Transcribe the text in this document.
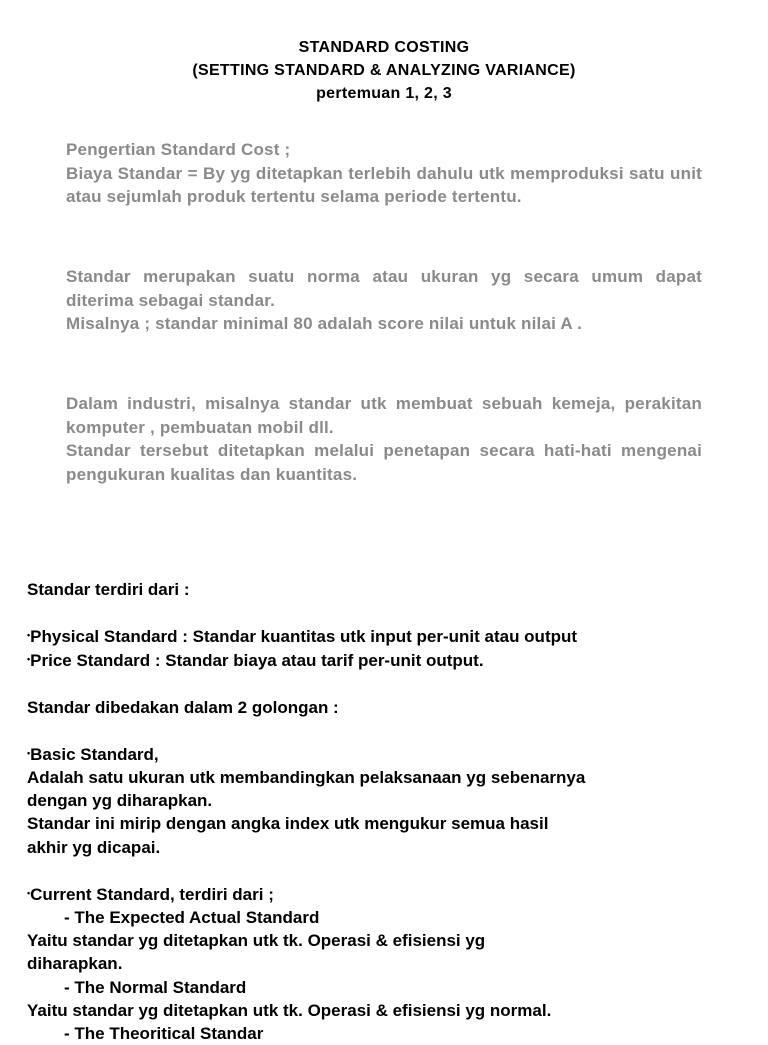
STANDARD COSTING
(SETTING STANDARD & ANALYZING VARIANCE)
pertemuan 1, 2, 3

Pengertian Standard Cost ;

Biaya Standar = By yg ditetapkan terlebih dahulu utk memproduksi satu unit atau sejumlah produk tertentu selama periode tertentu.

Standar merupakan suatu norma atau ukuran yg secara umum dapat diterima sebagai standar.

Misalnya ; standar minimal 80 adalah score nilai untuk nilai A .

Dalam industri, misalnya standar utk membuat sebuah kemeja, perakitan komputer , pembuatan mobil dll.

Standar tersebut ditetapkan melalui penetapan secara hati-hati mengenai pengukuran kualitas dan kuantitas.

Standar terdiri dari :

•Physical Standard : Standar kuantitas utk input per-unit atau output

•Price Standard : Standar biaya atau tarif per-unit output.

Standar dibedakan dalam 2 golongan :

•Basic Standard,

Adalah satu ukuran utk membandingkan pelaksanaan yg sebenarnya

dengan yg diharapkan.

Standar ini mirip dengan angka index utk mengukur semua hasil

akhir yg dicapai.

•Current Standard, terdiri dari ;

- The Expected Actual Standard

Yaitu standar yg ditetapkan utk tk. Operasi & efisiensi yg

diharapkan.

- The Normal Standard

Yaitu standar yg ditetapkan utk tk. Operasi & efisiensi yg normal.

- The Theoritical Standar
